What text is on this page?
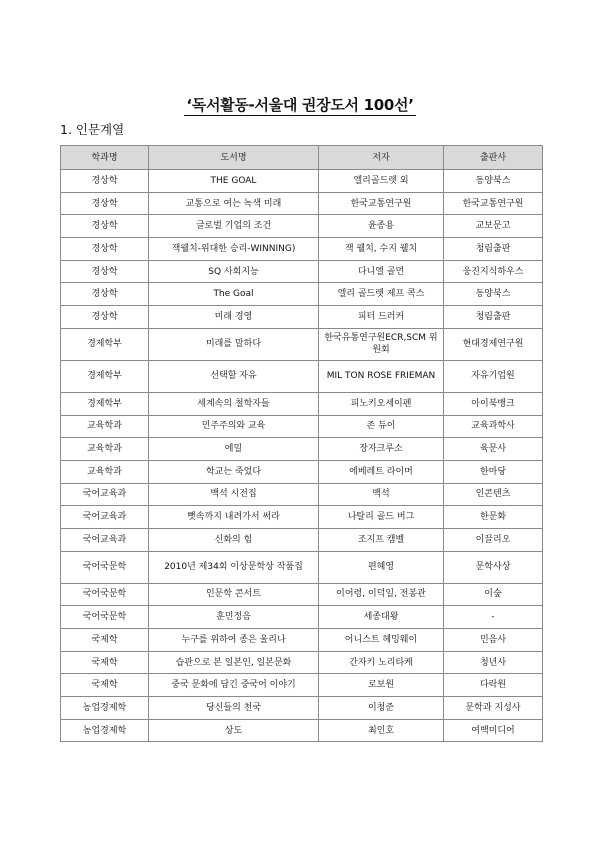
‘독서활동-서울대 권장도서 100선’
1. 인문계열
학과명	도서명	저자	출판사
경상학	THE GOAL	엘리골드렛 외	동양북스
경상학	교통으로 여는 녹색 미래	한국교통연구원	한국교통연구원
경상학	글로벌 기업의 조건	윤종용	교보문고
경상학	잭웰치-위대한 승리-WINNING)	잭 웰치, 수지 웰치	청림출판
경상학	SQ 사회지능	다니엘 골먼	웅진지식하우스
경상학	The Goal	엘리 골드렛 제프 콕스	동양북스
경상학	미래 경영	피터 드러커	청림출판
경제학부	미래를 말하다	한국유통연구원ECR,SCM 위원회	현대경제연구원
경제학부	선택할 자유	MIL TON ROSE FRIEMAN	자유기업원
경제학부	세계속의 철학자들	피노키오세이펜	아이북뱅크
교육학과	민주주의와 교육	존 듀이	교육과학사
교육학과	에밀	장자크루소	육문사
교육학과	학교는 죽었다	에베레트 라이머	한마당
국어교육과	백석 시전집	백석	인콘텐츠
국어교육과	뼛속까지 내려가서 써라	나탈리 골드 버그	한문화
국어교육과	신화의 힘	조지프 캠벨	이끌리오
국어국문학	2010년 제34회 이상문학상 작품집	편혜영	문학사상
국어국문학	인문학 콘서트	이어령, 이덕일, 전봉관	이숲
국어국문학	훈민정음	세종대왕	-
국제학	누구를 위하여 종은 울리나	어니스트 헤밍웨이	민음사
국제학	습관으로 본 일본인, 일본문화	간자키 노리타케	청년사
국제학	중국 문화에 담긴 중국어 이야기	로보원	다락원
농업경제학	당신들의 천국	이청준	문학과 지성사
농업경제학	상도	최인호	여백미디어
